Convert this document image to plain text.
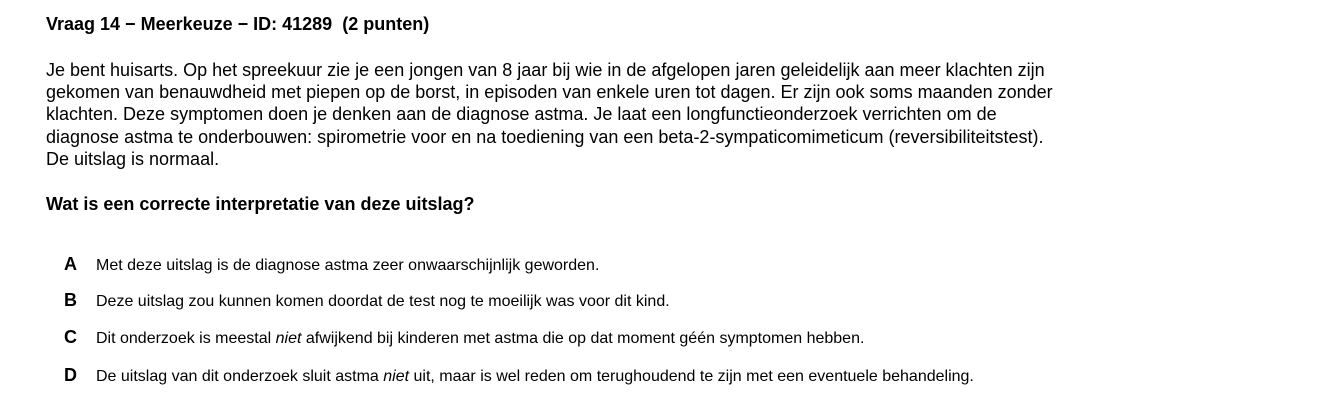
Vraag 14 − Meerkeuze − ID: 41289 (2 punten)
Je bent huisarts. Op het spreekuur zie je een jongen van 8 jaar bij wie in de afgelopen jaren geleidelijk aan meer klachten zijn
gekomen van benauwdheid met piepen op de borst, in episoden van enkele uren tot dagen. Er zijn ook soms maanden zonder
klachten. Deze symptomen doen je denken aan de diagnose astma. Je laat een longfunctieonderzoek verrichten om de
diagnose astma te onderbouwen: spirometrie voor en na toediening van een beta-2-sympaticomimeticum (reversibiliteitstest).
De uitslag is normaal.
Wat is een correcte interpretatie van deze uitslag?
A	Met deze uitslag is de diagnose astma zeer onwaarschijnlijk geworden.
B	Deze uitslag zou kunnen komen doordat de test nog te moeilijk was voor dit kind.
C	Dit onderzoek is meestal niet afwijkend bij kinderen met astma die op dat moment géén symptomen hebben.
D	De uitslag van dit onderzoek sluit astma niet uit, maar is wel reden om terughoudend te zijn met een eventuele behandeling.
